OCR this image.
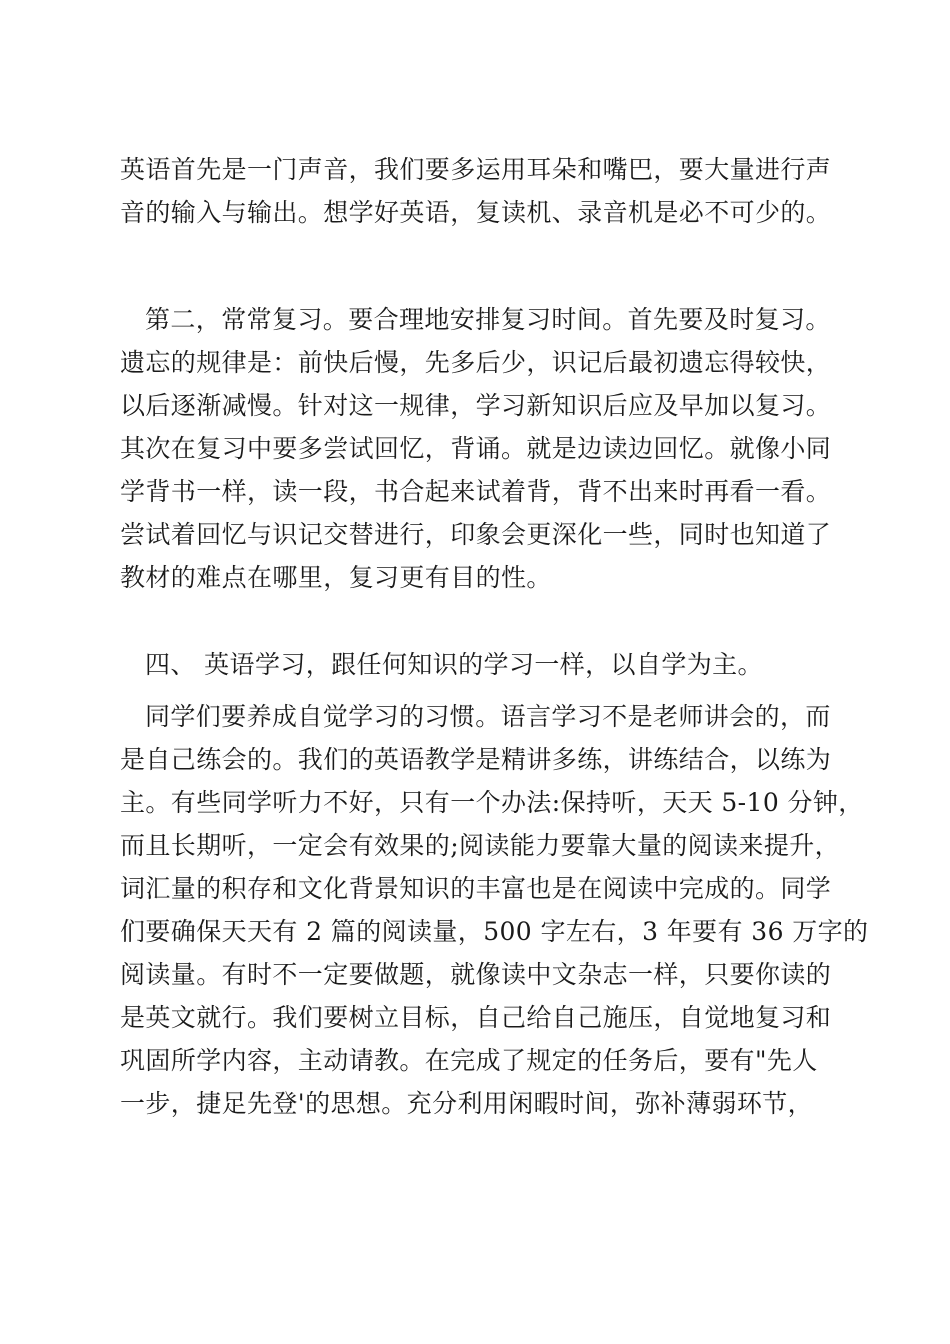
英语首先是一门声音，我们要多运用耳朵和嘴巴，要大量进行声
音的输入与输出。想学好英语，复读机、录音机是必不可少的。
第二，常常复习。要合理地安排复习时间。首先要及时复习。
遗忘的规律是：前快后慢，先多后少，识记后最初遗忘得较快，
以后逐渐减慢。针对这一规律，学习新知识后应及早加以复习。
其次在复习中要多尝试回忆，背诵。就是边读边回忆。就像小同
学背书一样，读一段，书合起来试着背，背不出来时再看一看。
尝试着回忆与识记交替进行，印象会更深化一些，同时也知道了
教材的难点在哪里，复习更有目的性。
四、 英语学习，跟任何知识的学习一样，以自学为主。
同学们要养成自觉学习的习惯。语言学习不是老师讲会的，而
是自己练会的。我们的英语教学是精讲多练，讲练结合，以练为
主。有些同学听力不好，只有一个办法:保持听，天天 5-10 分钟，
而且长期听，一定会有效果的;阅读能力要靠大量的阅读来提升，
词汇量的积存和文化背景知识的丰富也是在阅读中完成的。同学
们要确保天天有 2 篇的阅读量，500 字左右，3 年要有 36 万字的
阅读量。有时不一定要做题，就像读中文杂志一样，只要你读的
是英文就行。我们要树立目标，自己给自己施压，自觉地复习和
巩固所学内容，主动请教。在完成了规定的任务后，要有"先人
一步，捷足先登'的思想。充分利用闲暇时间，弥补薄弱环节，
